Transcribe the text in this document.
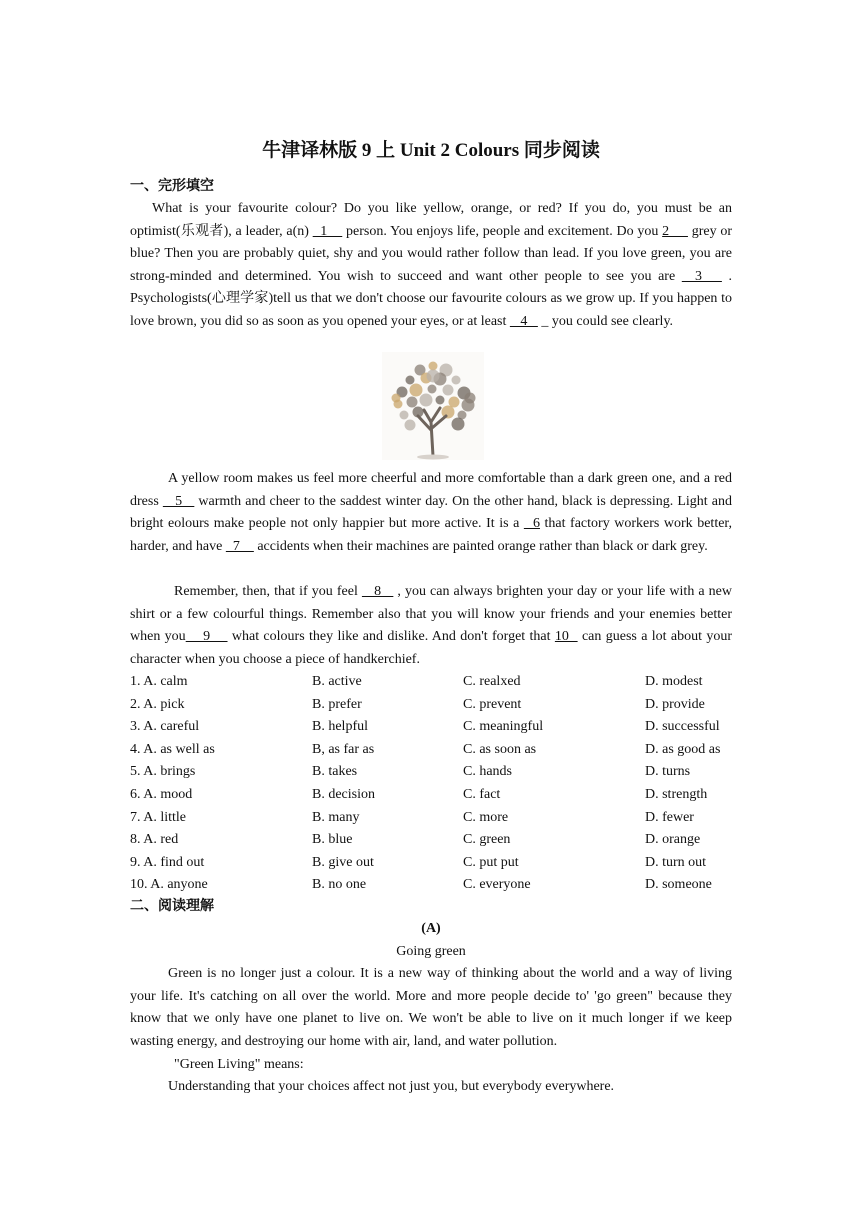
牛津译林版 9 上 Unit 2 Colours 同步阅读
一、完形填空
What is your favourite colour? Do you like yellow, orange, or red? If you do, you must be an optimist(乐观者), a leader, a(n)   1     person. You enjoys life, people and excitement. Do you 2      grey or blue? Then you are probably quiet, shy and you would rather follow than lead. If you love green, you are strong-minded and determined. You wish to succeed and want other people to see you are   3    . Psychologists(心理学家)tell us that we don't choose our favourite colours as we grow up. If you happen to love brown, you did so as soon as you opened your eyes, or at least    4    _ you could see clearly.
A yellow room makes us feel more cheerful and more comfortable than a dark green one, and a red dress    5    warmth and cheer to the saddest winter day. On the other hand, black is depressing. Light and bright eolours make people not only happier but more active. It is a   6 that factory workers work better, harder, and have   7     accidents when their machines are painted orange rather than black or dark grey.
Remember, then, that if you feel    8    , you can always brighten your day or your life with a new shirt or a few colourful things. Remember also that you will know your friends and your enemies better when you    9     what colours they like and dislike. And don't forget that 10   can guess a lot about your character when you choose a piece of handkerchief.
1. A. calm	B. active	C. realxed	D. modest
2. A. pick	B. prefer	C. prevent	D. provide
3. A. careful	B. helpful	C. meaningful	D. successful
4. A. as well as	B, as far as	C. as soon as	D. as good as
5. A. brings	B. takes	C. hands	D. turns
6. A. mood	B. decision	C. fact	D. strength
7. A. little	B. many	C. more	D. fewer
8. A. red	B. blue	C. green	D. orange
9. A. find out	B. give out	C. put put	D. turn out
10. A. anyone	B. no one	C. everyone	D. someone
二、阅读理解
(A)
Going green
Green is no longer just a colour. It is a new way of thinking about the world and a way of living your life. It's catching on all over the world. More and more people decide to' 'go green" because they know that we only have one planet to live on. We won't be able to live on it much longer if we keep wasting energy, and destroying our home with air, land, and water pollution.
"Green Living" means:
Understanding that your choices affect not just you, but everybody everywhere.
